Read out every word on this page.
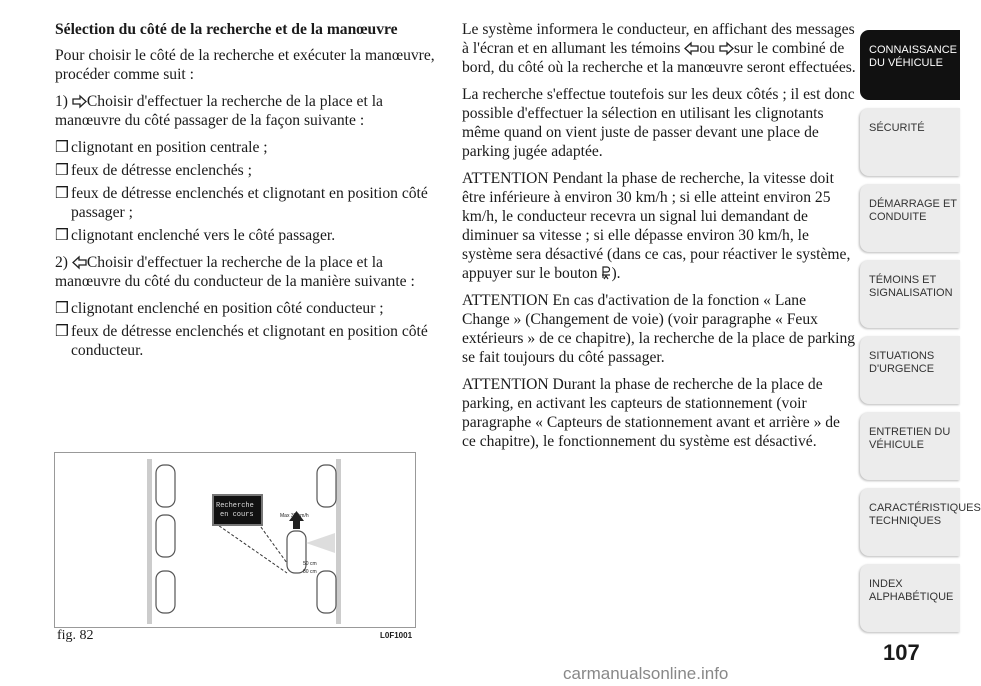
Sélection du côté de la recherche et de la manœuvre

Pour choisir le côté de la recherche et exécuter la manœuvre, procéder comme suit :

1) Choisir d'effectuer la recherche de la place et la manœuvre du côté passager de la façon suivante :

❒ clignotant en position centrale ;
❒ feux de détresse enclenchés ;
❒ feux de détresse enclenchés et clignotant en position côté passager ;
❒ clignotant enclenché vers le côté passager.

2) Choisir d'effectuer la recherche de la place et la manœuvre du côté du conducteur de la manière suivante :

❒ clignotant enclenché en position côté conducteur ;
❒ feux de détresse enclenchés et clignotant en position côté conducteur.

Le système informera le conducteur, en affichant des messages à l'écran et en allumant les témoins ou sur le combiné de bord, du côté où la recherche et la manœuvre seront effectuées.

La recherche s'effectue toutefois sur les deux côtés ; il est donc possible d'effectuer la sélection en utilisant les clignotants même quand on vient juste de passer devant une place de parking jugée adaptée.

ATTENTION Pendant la phase de recherche, la vitesse doit être inférieure à environ 30 km/h ; si elle atteint environ 25 km/h, le conducteur recevra un signal lui demandant de diminuer sa vitesse ; si elle dépasse environ 30 km/h, le système sera désactivé (dans ce cas, pour réactiver le système, appuyer sur le bouton ).

ATTENTION En cas d'activation de la fonction « Lane Change » (Changement de voie) (voir paragraphe « Feux extérieurs » de ce chapitre), la recherche de la place de parking se fait toujours du côté passager.

ATTENTION Durant la phase de recherche de la place de parking, en activant les capteurs de stationnement (voir paragraphe « Capteurs de stationnement avant et arrière » de ce chapitre), le fonctionnement du système est désactivé.

Recherche
en cours	Max 30 km/h
50 cm
80 cm
fig. 82	L0F1001
CONNAISSANCE DU VÉHICULE
SÉCURITÉ
DÉMARRAGE ET CONDUITE
TÉMOINS ET SIGNALISATION
SITUATIONS D'URGENCE
ENTRETIEN DU VÉHICULE
CARACTÉRISTIQUES TECHNIQUES
INDEX ALPHABÉTIQUE
107
carmanualsonline.info
